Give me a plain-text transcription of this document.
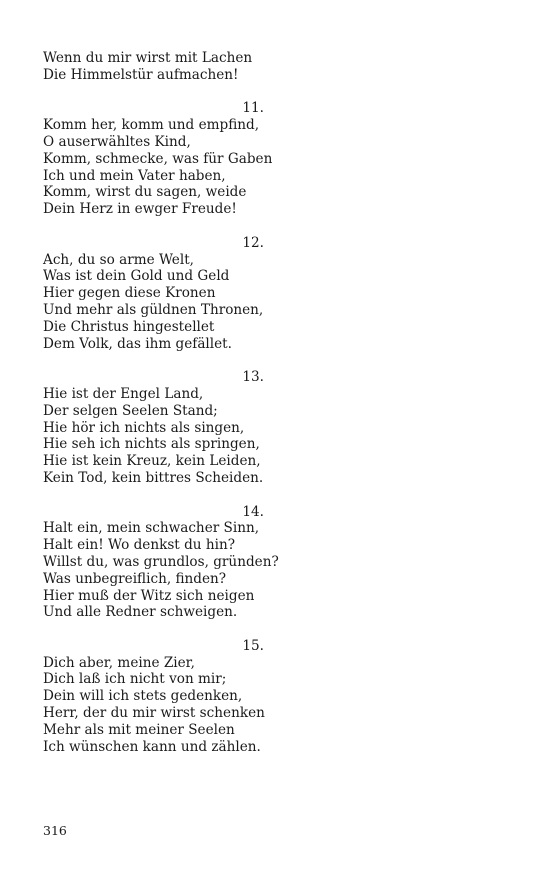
Wenn du mir wirst mit Lachen
Die Himmelstür aufmachen!
11.
Komm her, komm und empfind,
O auserwähltes Kind,
Komm, schmecke, was für Gaben
Ich und mein Vater haben,
Komm, wirst du sagen, weide
Dein Herz in ewger Freude!
12.
Ach, du so arme Welt,
Was ist dein Gold und Geld
Hier gegen diese Kronen
Und mehr als güldnen Thronen,
Die Christus hingestellet
Dem Volk, das ihm gefället.
13.
Hie ist der Engel Land,
Der selgen Seelen Stand;
Hie hör ich nichts als singen,
Hie seh ich nichts als springen,
Hie ist kein Kreuz, kein Leiden,
Kein Tod, kein bittres Scheiden.
14.
Halt ein, mein schwacher Sinn,
Halt ein! Wo denkst du hin?
Willst du, was grundlos, gründen?
Was unbegreiflich, finden?
Hier muß der Witz sich neigen
Und alle Redner schweigen.
15.
Dich aber, meine Zier,
Dich laß ich nicht von mir;
Dein will ich stets gedenken,
Herr, der du mir wirst schenken
Mehr als mit meiner Seelen
Ich wünschen kann und zählen.
316
